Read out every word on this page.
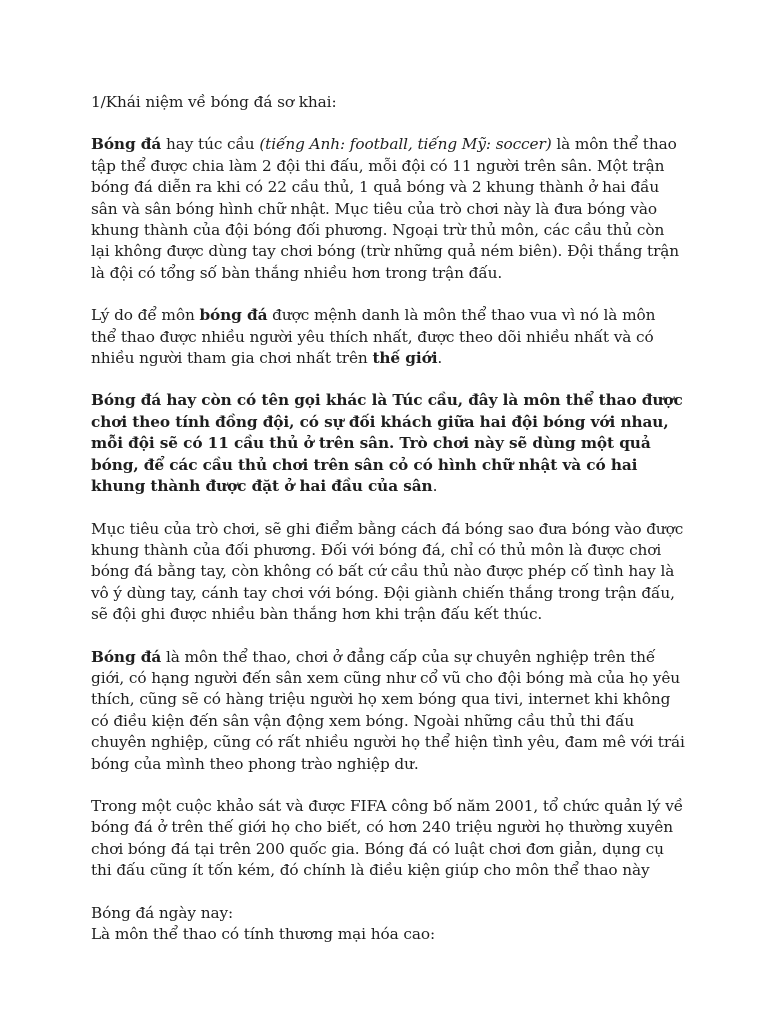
1/Khái niệm về bóng đá sơ khai:

Bóng đá hay túc cầu (tiếng Anh: football, tiếng Mỹ: soccer) là môn thể thao tập thể được chia làm 2 đội thi đấu, mỗi đội có 11 người trên sân. Một trận bóng đá diễn ra khi có 22 cầu thủ, 1 quả bóng và 2 khung thành ở hai đầu sân và sân bóng hình chữ nhật. Mục tiêu của trò chơi này là đưa bóng vào khung thành của đội bóng đối phương. Ngoại trừ thủ môn, các cầu thủ còn lại không được dùng tay chơi bóng (trừ những quả ném biên). Đội thắng trận là đội có tổng số bàn thắng nhiều hơn trong trận đấu.

Lý do để môn bóng đá được mệnh danh là môn thể thao vua vì nó là môn thể thao được nhiều người yêu thích nhất, được theo dõi nhiều nhất và có nhiều người tham gia chơi nhất trên thế giới.

Bóng đá hay còn có tên gọi khác là Túc cầu, đây là môn thể thao được chơi theo tính đồng đội, có sự đối khách giữa hai đội bóng với nhau, mỗi đội sẽ có 11 cầu thủ ở trên sân. Trò chơi này sẽ dùng một quả bóng, để các cầu thủ chơi trên sân cỏ có hình chữ nhật và có hai khung thành được đặt ở hai đầu của sân.

Mục tiêu của trò chơi, sẽ ghi điểm bằng cách đá bóng sao đưa bóng vào được khung thành của đối phương. Đối với bóng đá, chỉ có thủ môn là được chơi bóng đá bằng tay, còn không có bất cứ cầu thủ nào được phép cố tình hay là vô ý dùng tay, cánh tay chơi với bóng. Đội giành chiến thắng trong trận đấu, sẽ đội ghi được nhiều bàn thắng hơn khi trận đấu kết thúc.

Bóng đá là môn thể thao, chơi ở đẳng cấp của sự chuyên nghiệp trên thế giới, có hạng người đến sân xem cũng như cổ vũ cho đội bóng mà của họ yêu thích, cũng sẽ có hàng triệu người họ xem bóng qua tivi, internet khi không có điều kiện đến sân vận động xem bóng. Ngoài những cầu thủ thi đấu chuyên nghiệp, cũng có rất nhiều người họ thể hiện tình yêu, đam mê với trái bóng của mình theo phong trào nghiệp dư.

Trong một cuộc khảo sát và được FIFA công bố năm 2001, tổ chức quản lý về bóng đá ở trên thế giới họ cho biết, có hơn 240 triệu người họ thường xuyên chơi bóng đá tại trên 200 quốc gia. Bóng đá có luật chơi đơn giản, dụng cụ thi đấu cũng ít tốn kém, đó chính là điều kiện giúp cho môn thể thao này

Bóng đá ngày nay:

Là môn thể thao có tính thương mại hóa cao:
